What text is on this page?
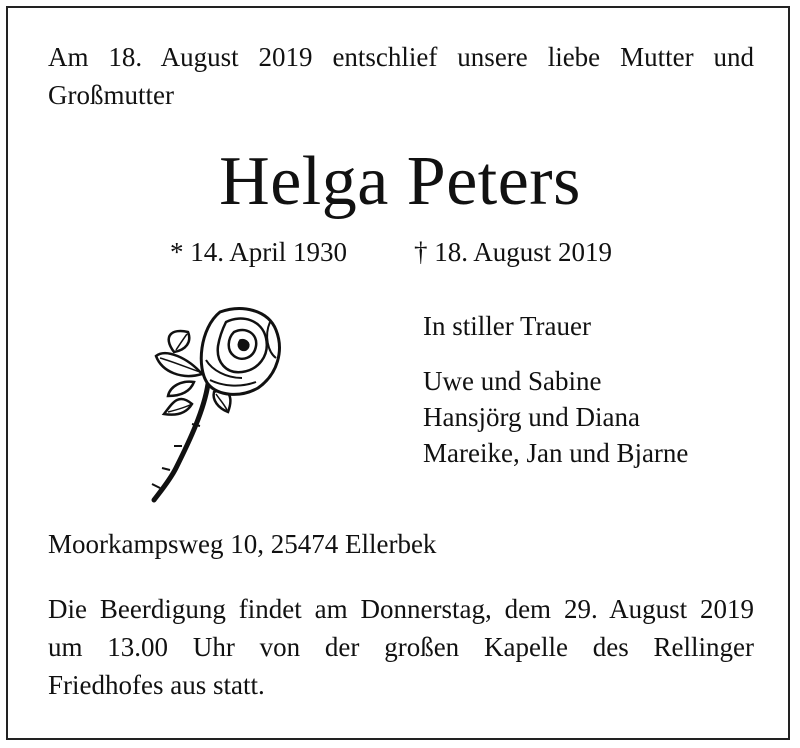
Am 18. August 2019 entschlief unsere liebe Mutter und
Großmutter
Helga Peters
* 14. April 1930 † 18. August 2019
In stiller Trauer
Uwe und Sabine
Hansjörg und Diana
Mareike, Jan und Bjarne
Moorkampsweg 10, 25474 Ellerbek
Die Beerdigung findet am Donnerstag, dem 29. August 2019
um 13.00 Uhr von der großen Kapelle des Rellinger
Friedhofes aus statt.
